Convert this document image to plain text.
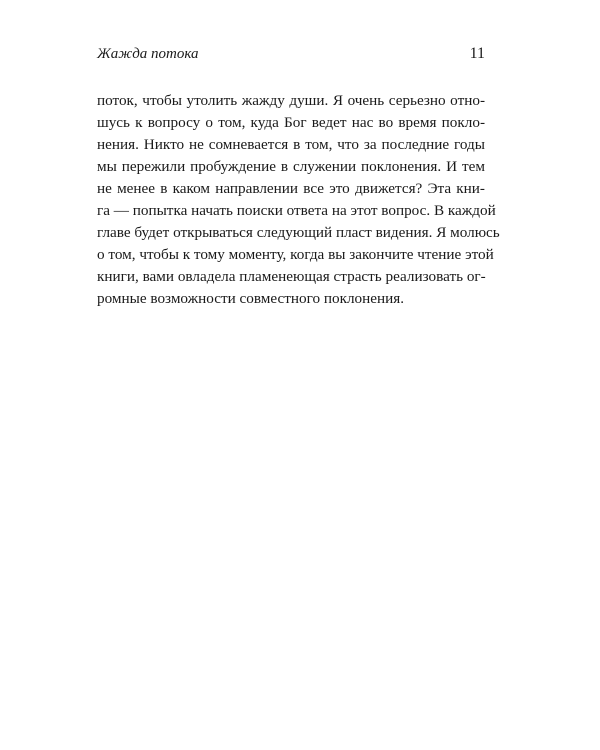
Жажда потока	11
поток, чтобы утолить жажду души. Я очень серьезно отно-
шусь к вопросу о том, куда Бог ведет нас во время покло-
нения. Никто не сомневается в том, что за последние годы
мы пережили пробуждение в служении поклонения. И тем
не менее в каком направлении все это движется? Эта кни-
га — попытка начать поиски ответа на этот вопрос. В каждой
главе будет открываться следующий пласт видения. Я молюсь
о том, чтобы к тому моменту, когда вы закончите чтение этой
книги, вами овладела пламенеющая страсть реализовать ог-
ромные возможности совместного поклонения.
